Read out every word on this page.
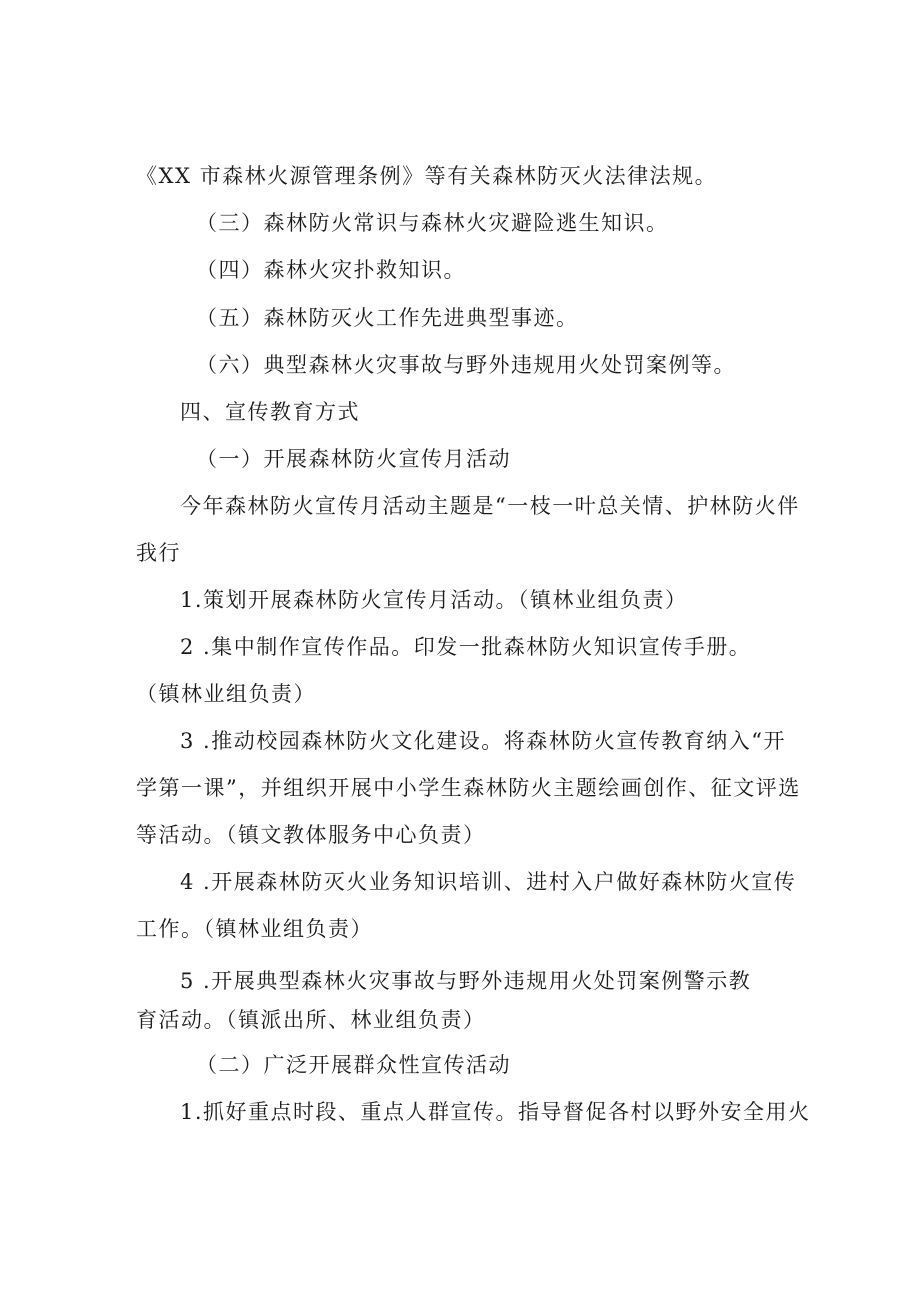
《XX 市森林火源管理条例》等有关森林防灭火法律法规。
（三）森林防火常识与森林火灾避险逃生知识。
（四）森林火灾扑救知识。
（五）森林防灭火工作先进典型事迹。
（六）典型森林火灾事故与野外违规用火处罚案例等。
四、宣传教育方式
（一）开展森林防火宣传月活动
今年森林防火宣传月活动主题是“一枝一叶总关情、护林防火伴
我行
1.策划开展森林防火宣传月活动。（镇林业组负责）
2 .集中制作宣传作品。印发一批森林防火知识宣传手册。
（镇林业组负责）
3 .推动校园森林防火文化建设。将森林防火宣传教育纳入“开
学第一课”，并组织开展中小学生森林防火主题绘画创作、征文评选
等活动。（镇文教体服务中心负责）
4 .开展森林防灭火业务知识培训、进村入户做好森林防火宣传
工作。（镇林业组负责）
5 .开展典型森林火灾事故与野外违规用火处罚案例警示教
育活动。（镇派出所、林业组负责）
（二）广泛开展群众性宣传活动
1.抓好重点时段、重点人群宣传。指导督促各村以野外安全用火
